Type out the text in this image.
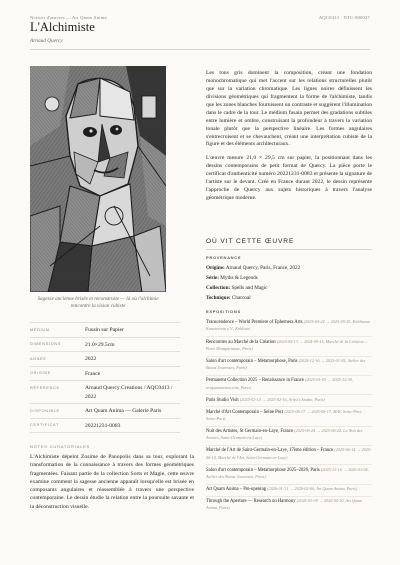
Notices d'œuvres — Art Quam Anima	AQC0413 · NTC-000027
L'Alchimiste
Arnaud Quercy
Sagesse ancienne brisée et reconstruite — là où l'alchimie rencontre la vision cubiste
MÉDIUM	Fusain sur Papier
DIMENSIONS	21.0×29.5cm
ANNÉE	2022
ORIGINE	France
RÉFÉRENCE	Arnaud Quercy Creations / AQC0413 / 2022
DISPONIBLE	Art Quam Anima — Galerie Paris
CERTIFICAT	20221231-0083
NOTES CURATORIALES
L'Alchimiste dépeint Zosime de Panopolis dans sa tour, explorant la transformation de la connaissance à travers des formes géométriques fragmentées. Faisant partie de la collection Sorts et Magie, cette œuvre examine comment la sagesse ancienne apparaît lorsqu'elle est brisée en composants angulaires et réassemblée à travers une perspective contemporaine. Le dessin étudie la relation entre la poursuite savante et la déconstruction visuelle.

Les tons gris dominent la composition, créant une fondation monochromatique qui met l'accent sur les relations structurelles plutôt que sur la variation chromatique. Les lignes noires définissent les divisions géométriques qui fragmentent la forme de l'alchimiste, tandis que les zones blanches fournissent un contraste et suggèrent l'illumination dans le cadre de la tour. Le médium fusain permet des gradations subtiles entre lumière et ombre, construisant la profondeur à travers la variation tonale plutôt que la perspective linéaire. Les formes angulaires s'entrecroisent et se chevauchent, créant une interprétation cubiste de la figure et des éléments architecturaux.

L'œuvre mesure 21,0 × 29,5 cm sur papier, la positionnant dans les dessins contemporains de petit format de Quercy. La pièce porte le certificat d'authenticité numéro 20221231-0083 et présente la signature de l'artiste sur le devant. Créé en France durant 2022, le dessin représente l'approche de Quercy aux sujets historiques à travers l'analyse géométrique moderne.

OÙ VIT CETTE ŒUVRE
PROVENANCE
Origine: Arnaud Quercy, Paris, France, 2022
Série: Myths & Legends
Collection: Spells and Magic
Technique: Charcoal
EXPOSITIONS
Transcendence – World Premiere of Ephemera Arts (2025-04-24 → 2025-05-25, Kohlmann Kunstverein e.V., Koblenz)
Rencontres au Marché de la Création (2024-09-13 → 2024-09-15, Marché de la Création – Paris Montparnasse, Paris)
Salon d'art contemporain – Metamorphose, Paris (2024-12-16 → 2025-01-05, Atelier des Beaux Jeunesses, Paris)
Permanent Collection 2025 – Renaissance in France (2025-01-03 → 2025-12-30, artquamanima.com, Paris)
Paris Studio Visit (2025-02-14 → 2025-02-16, Artist's Studio, Paris)
Marché d'Art Contemporain – Seine Port (2025-06-17 → 2025-06-17, MAC Seine-Port, Seine-Port)
Nuit des Artistes, St Germain-en-Laye, France (2025-06-24 → 2025-06-24, La Nuit des Artistes, Saint-Germain-en-Laye)
Marché de l'Art de Saint-Germain-en-Laye, 17ème édition – France (2025-06-14 → 2025-06-14, Marché de l'Art, Saint-Germain-en-Laye)
Salon d'art contemporain – Metamorphose 2025–2026, Paris (2025-12-16 → 2026-01-04, Atelier des Beaux Jeunesses, Paris)
Art Quam Anima – Pre-opening (2026-01-31 → 2026-02-06, Art Quam Anima, Paris)
Through the Aperture — Research on Harmony (2026-03-09 → 2026-04-30, Art Quam Anima, Paris)
